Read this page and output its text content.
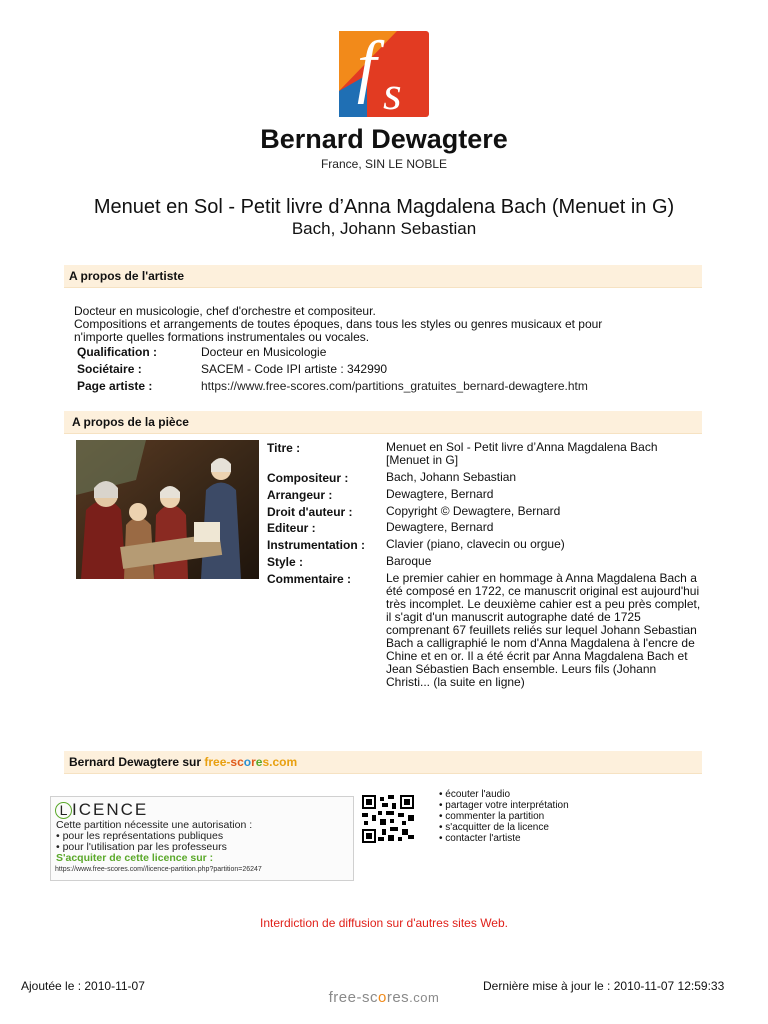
f s
Bernard Dewagtere
France, SIN LE NOBLE
Menuet en Sol - Petit livre d’Anna Magdalena Bach (Menuet in G)
Bach, Johann Sebastian
A propos de l'artiste
Docteur en musicologie, chef d'orchestre et compositeur.
Compositions et arrangements de toutes époques, dans tous les styles ou genres musicaux et pour
n'importe quelles formations instrumentales ou vocales.
Qualification :	Docteur en Musicologie
Sociétaire :	SACEM - Code IPI artiste : 342990
Page artiste :	https://www.free-scores.com/partitions_gratuites_bernard-dewagtere.htm
A propos de la pièce
Titre :	Menuet en Sol - Petit livre d’Anna Magdalena Bach
[Menuet in G]
Compositeur :	Bach, Johann Sebastian
Arrangeur :	Dewagtere, Bernard
Droit d'auteur :	Copyright © Dewagtere, Bernard
Editeur :	Dewagtere, Bernard
Instrumentation : Clavier (piano, clavecin ou orgue)
Style :	Baroque
Commentaire :	Le premier cahier en hommage à Anna Magdalena Bach a
été composé en 1722, ce manuscrit original est aujourd'hui
très incomplet. Le deuxième cahier est a peu près complet,
il s'agit d'un manuscrit autographe daté de 1725
comprenant 67 feuillets reliés sur lequel Johann Sebastian
Bach a calligraphié le nom d'Anna Magdalena à l'encre de
Chine et en or. Il a été écrit par Anna Magdalena Bach et
Jean Sébastien Bach ensemble. Leurs fils (Johann
Christi... (la suite en ligne)
Bernard Dewagtere sur free-scores.com
L ICENCE
Cette partition nécessite une autorisation :
• pour les représentations publiques
• pour l'utilisation par les professeurs
S'acquiter de cette licence sur :
https://www.free-scores.com//licence-partition.php?partition=26247
• écouter l'audio
• partager votre interprétation
• commenter la partition
• s'acquitter de la licence
• contacter l'artiste
Interdiction de diffusion sur d'autres sites Web.
Ajoutée le : 2010-11-07	Dernière mise à jour le : 2010-11-07 12:59:33
free-scores.com
